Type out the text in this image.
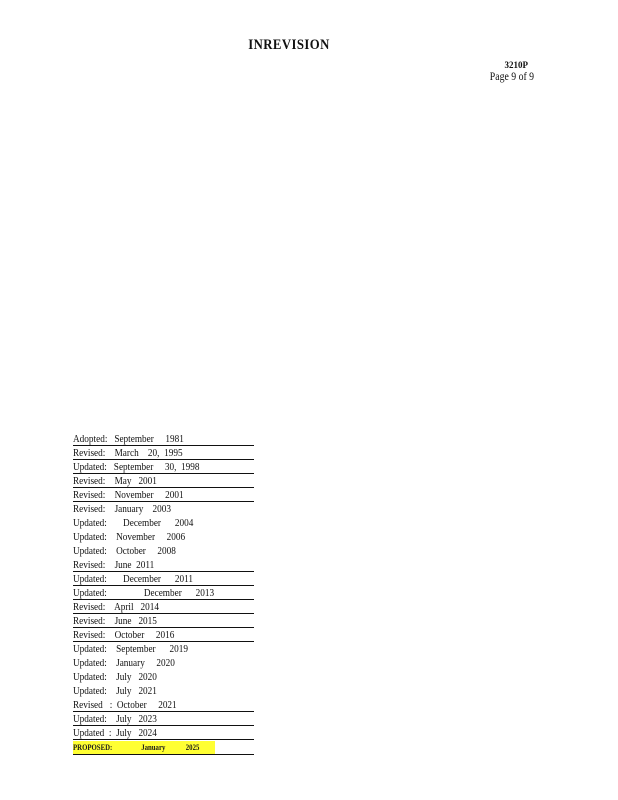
INREVISION
3210P
Page 9 of 9
Adopted:   September     1981
Revised:    March    20,  1995
Updated:   September     30,  1998
Revised:    May   2001
Revised:    November     2001
Revised:    January    2003
Updated:       December      2004
Updated:    November     2006
Updated:    October     2008
Revised:    June  2011
Updated:       December      2011
Updated:                December      2013
Revised:    April   2014
Revised:    June   2015
Revised:    October     2016
Updated:    September      2019
Updated:    January     2020
Updated:    July   2020
Updated:    July   2021
Revised   :  October     2021
Updated:    July   2023
Updated  :  July   2024
PROPOSED:                 January            2025
